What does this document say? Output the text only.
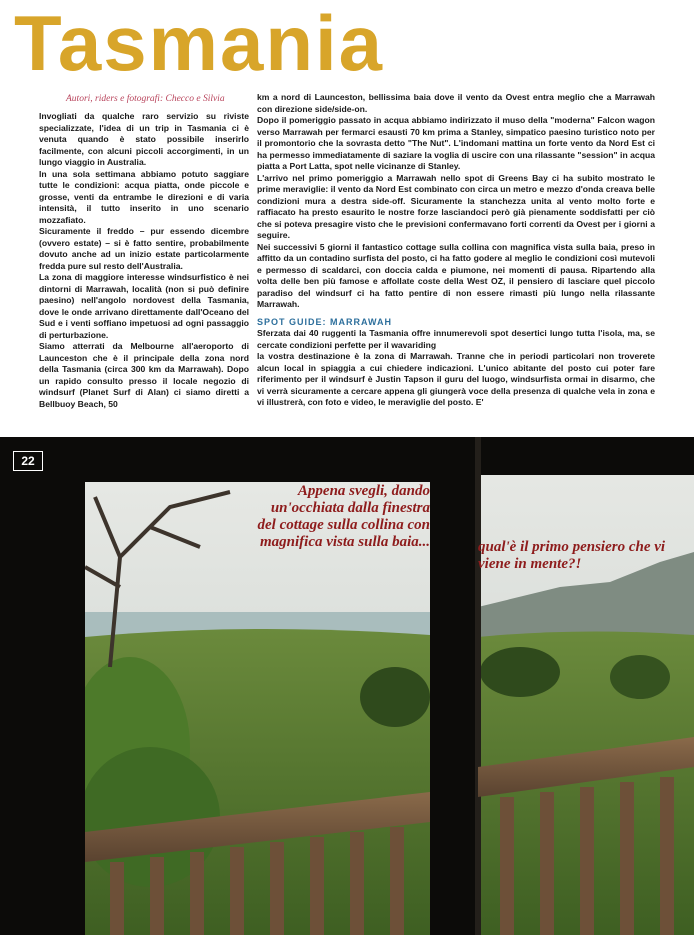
Tasmania
Autori, riders e fotografi: Checco e Silvia

Invogliati da qualche raro servizio su riviste specializzate, l'idea di un trip in Tasmania ci è venuta quando è stato possibile inserirlo facilmente, con alcuni piccoli accorgimenti, in un lungo viaggio in Australia.

In una sola settimana abbiamo potuto saggiare tutte le condizioni: acqua piatta, onde piccole e grosse, venti da entrambe le direzioni e di varia intensità, il tutto inserito in uno scenario mozzafiato.

Sicuramente il freddo – pur essendo dicembre (ovvero estate) – si è fatto sentire, probabilmente dovuto anche ad un inizio estate particolarmente fredda pure sul resto dell'Australia.

La zona di maggiore interesse windsurfistico è nei dintorni di Marrawah, località (non si può definire paesino) nell'angolo nordovest della Tasmania, dove le onde arrivano direttamente dall'Oceano del Sud e i venti soffiano impetuosi ad ogni passaggio di perturbazione.

Siamo atterrati da Melbourne all'aeroporto di Launceston che è il principale della zona nord della Tasmania (circa 300 km da Marrawah). Dopo un rapido consulto presso il locale negozio di windsurf (Planet Surf di Alan) ci siamo diretti a Bellbuoy Beach, 50

km a nord di Launceston, bellissima baia dove il vento da Ovest entra meglio che a Marrawah con direzione side/side-on.

Dopo il pomeriggio passato in acqua abbiamo indirizzato il muso della "moderna" Falcon wagon verso Marrawah per fermarci esausti 70 km prima a Stanley, simpatico paesino turistico noto per il promontorio che la sovrasta detto "The Nut". L'indomani mattina un forte vento da Nord Est ci ha permesso immediatamente di saziare la voglia di uscire con una rilassante "session" in acqua piatta a Port Latta, spot nelle vicinanze di Stanley.

L'arrivo nel primo pomeriggio a Marrawah nello spot di Greens Bay ci ha subito mostrato le prime meraviglie: il vento da Nord Est combinato con circa un metro e mezzo d'onda creava belle condizioni mura a destra side-off. Sicuramente la stanchezza unita al vento molto forte e raffiacato ha presto esaurito le nostre forze lasciandoci però già pienamente soddisfatti per ciò che si poteva presagire visto che le previsioni confermavano forti correnti da Ovest per i giorni a seguire.

Nei successivi 5 giorni il fantastico cottage sulla collina con magnifica vista sulla baia, preso in affitto da un contadino surfista del posto, ci ha fatto godere al meglio le condizioni così mutevoli e permesso di scaldarci, con doccia calda e piumone, nei momenti di pausa. Ripartendo alla volta delle ben più famose e affollate coste della West OZ, il pensiero di lasciare quel piccolo paradiso del windsurf ci ha fatto pentire di non essere rimasti più lungo nella rilassante Marrawah.

SPOT GUIDE: MARRAWAH

Sferzata dai 40 ruggenti la Tasmania offre innumerevoli spot desertici lungo tutta l'isola, ma, se cercate condizioni perfette per il wavariding

la vostra destinazione è la zona di Marrawah. Tranne che in periodi particolari non troverete alcun local in spiaggia a cui chiedere indicazioni. L'unico abitante del posto cui poter fare riferimento per il windsurf è Justin Tapson il guru del luogo, windsurfista ormai in disarmo, che vi verrà sicuramente a cercare appena gli giungerà voce della presenza di qualche vela in zona e vi illustrerà, con foto e video, le meraviglie del posto. E'

22
Appena svegli, dando un'occhiata dalla finestra del cottage sulla collina con magnifica vista sulla baia...	qual'è il primo pensiero che vi viene in mente?!
